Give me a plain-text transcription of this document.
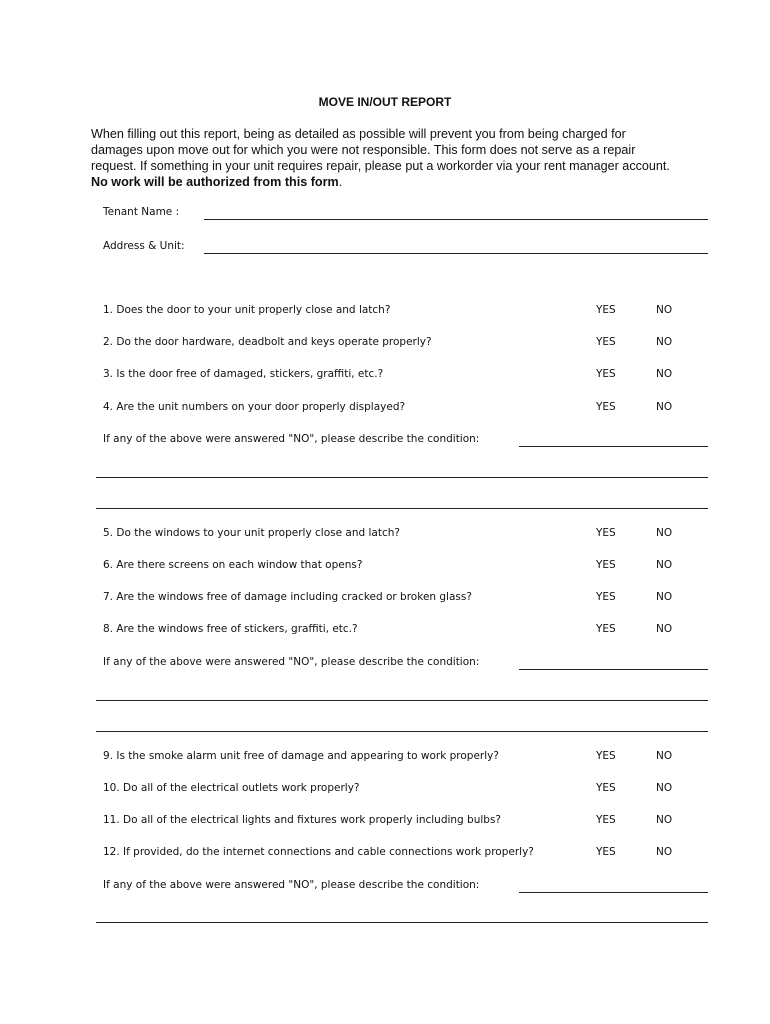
MOVE IN/OUT REPORT
When filling out this report, being as detailed as possible will prevent you from being charged for damages upon move out for which you were not responsible. This form does not serve as a repair request. If something in your unit requires repair, please put a workorder via your rent manager account. No work will be authorized from this form.
Tenant Name :
Address & Unit:
1. Does the door to your unit properly close and latch?	YES	NO
2. Do the door hardware, deadbolt and keys operate properly?	YES	NO
3. Is the door free of damaged, stickers, graffiti, etc.?	YES	NO
4. Are the unit numbers on your door properly displayed?	YES	NO
If any of the above were answered "NO", please describe the condition:
5. Do the windows to your unit properly close and latch?	YES	NO
6. Are there screens on each window that opens?	YES	NO
7. Are the windows free of damage including cracked or broken glass?	YES	NO
8. Are the windows free of stickers, graffiti, etc.?	YES	NO
If any of the above were answered "NO", please describe the condition:
9. Is the smoke alarm unit free of damage and appearing to work properly?	YES	NO
10. Do all of the electrical outlets work properly?	YES	NO
11. Do all of the electrical lights and fixtures work properly including bulbs?	YES	NO
12. If provided, do the internet connections and cable connections work properly?	YES	NO
If any of the above were answered "NO", please describe the condition:
